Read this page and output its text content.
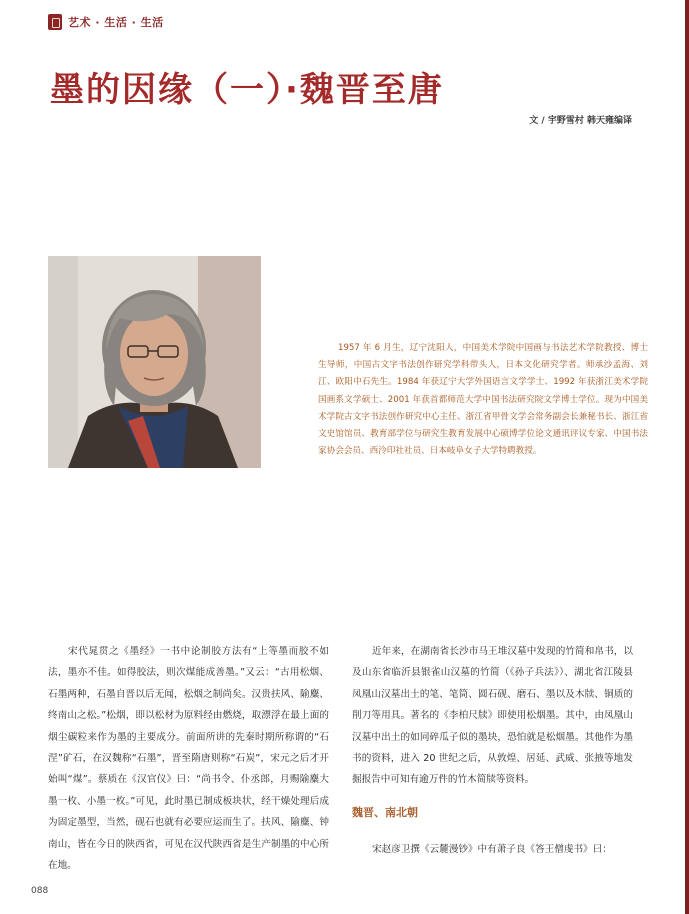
艺术 · 生活 · 生活
墨的因缘（一）·魏晋至唐
文 / 宇野雪村 韩天雍编译

1957 年 6 月生，辽宁沈阳人，中国美术学院中国画与书法艺术学院教授、博士生导师，中国古文字书法创作研究学科带头人，日本文化研究学者。师承沙孟海、刘江、欧阳中石先生。1984 年获辽宁大学外国语言文学学士、1992 年获浙江美术学院国画系文学硕士、2001 年获首都师范大学中国书法研究院文学博士学位。现为中国美术学院古文字书法创作研究中心主任、浙江省甲骨文学会常务副会长兼秘书长、浙江省文史馆馆员、教育部学位与研究生教育发展中心硕博学位论文通讯评议专家、中国书法家协会会员、西泠印社社员、日本岐阜女子大学特聘教授。

宋代晁贯之《墨经》一书中论制胶方法有“上等墨而胶不如法，墨亦不佳。如得胶法，则次煤能成善墨。”又云：“古用松烟、石墨两种，石墨自晋以后无闻，松烟之制尚矣。汉贵扶风、隃麋、终南山之松。”松烟，即以松材为原料经由燃烧，取漂浮在最上面的烟尘碳粒来作为墨的主要成分。前面所讲的先秦时期所称谓的“石涅”矿石，在汉魏称“石墨”，晋至隋唐则称“石炭”，宋元之后才开始叫“煤”。蔡质在《汉官仪》曰：“尚书令、仆丞郎，月赐隃麋大墨一枚、小墨一枚。”可见，此时墨已制成板块状，经干燥处理后成为固定墨型，当然，砚石也就有必要应运而生了。扶风、隃麋、钟南山，皆在今日的陕西省，可见在汉代陕西省是生产制墨的中心所在地。

近年来，在湖南省长沙市马王堆汉墓中发现的竹简和帛书，以及山东省临沂县银雀山汉墓的竹简（《孙子兵法》）、湖北省江陵县凤凰山汉墓出土的笔、笔筒、圆石砚、磨石、墨以及木牍、铜质的削刀等用具。著名的《李柏尺牍》即使用松烟墨。其中，由凤凰山汉墓中出土的如同碎瓜子似的墨块，恐怕就是松烟墨。其他作为墨书的资料，进入 20 世纪之后，从敦煌、居延、武威、张掖等地发掘报告中可知有逾万件的竹木简牍等资料。

魏晋、南北朝

宋赵彦卫撰《云麓漫钞》中有萧子良《答王僧虔书》曰：

088
